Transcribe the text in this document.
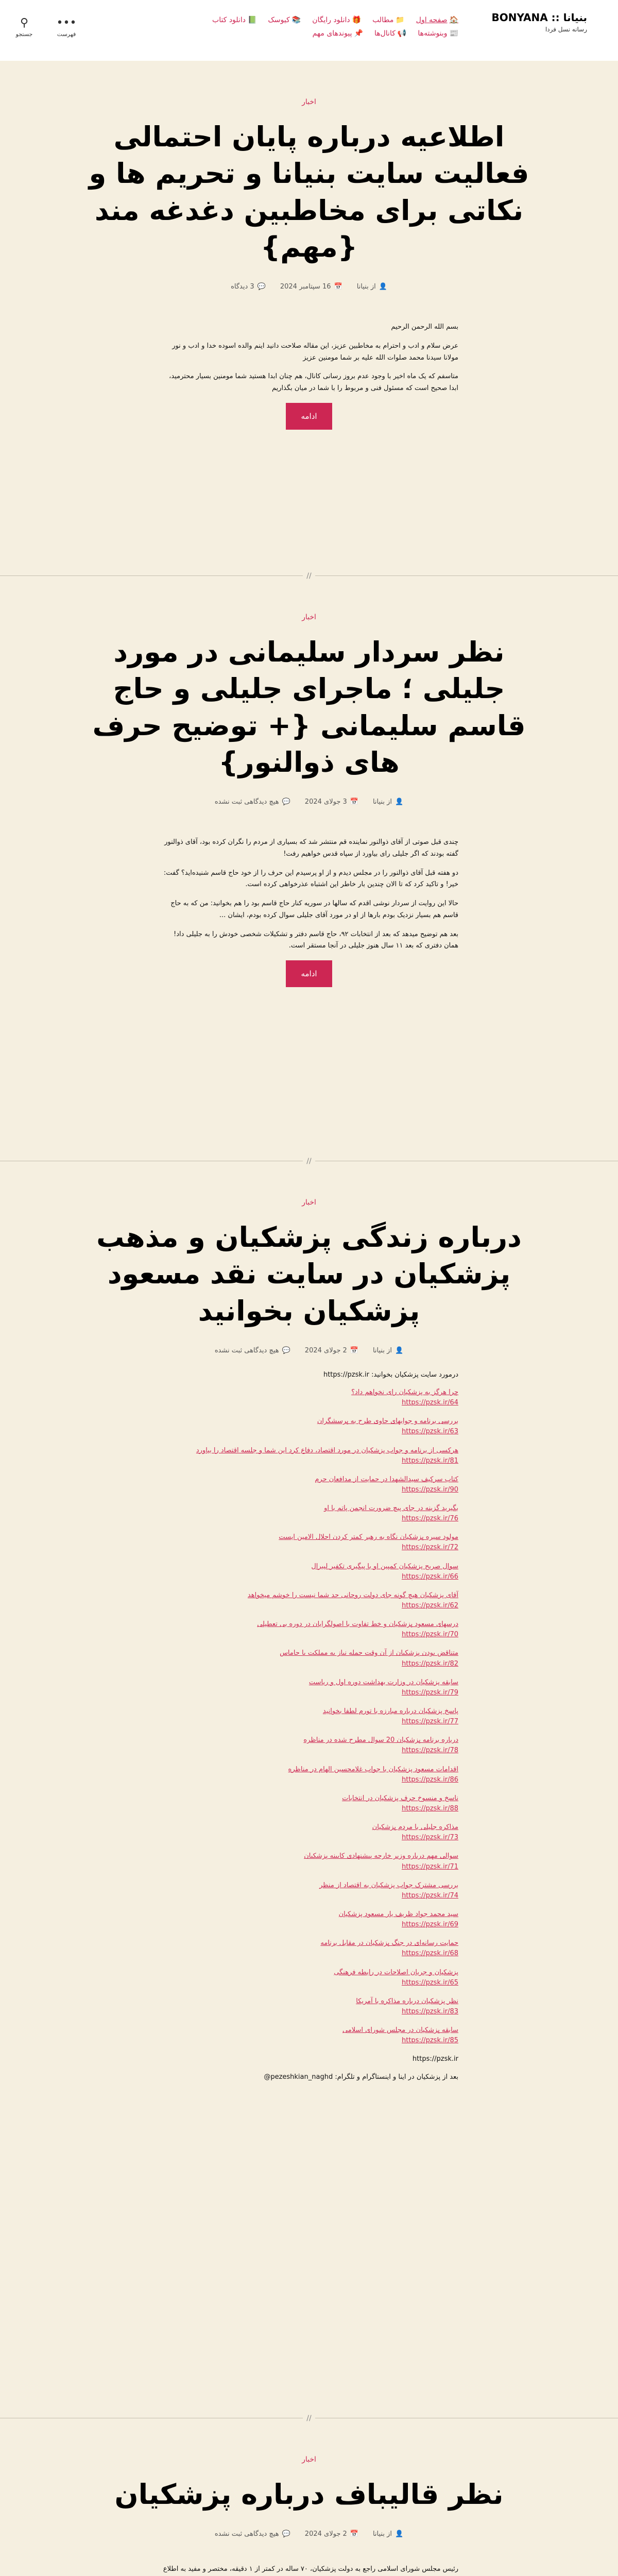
⚲
جستجو
•••
فهرست
🏠صفحه اول📁مطالب🎁دانلود رایگان📚کیوسک📗دانلود کتاب📰وبنوشته‌ها📢کانال‌ها📌پیوندهای مهم
BONYANA :: بنیانا
رسانه نسل فردا
اخبار
اطلاعیه درباره پایان احتمالی فعالیت سایت بنیانا و تحریم ها و نکاتی برای مخاطبین دغدغه مند {مهم}
👤از بنیانا
📅16 سپتامبر 2024
💬3 دیدگاه

بسم الله الرحمن الرحیم

عرض سلام و ادب و احترام به مخاطبین عزیز، این مقاله صلاحت دانید اینم والده اسوده خدا و ادب و نور مولانا سیدنا محمد صلوات الله علیه بر شما مومنین عزیز

متاسفم که یک ماه اخیر با وجود عدم بروز رسانی کانال، هم چنان ابدا هستید شما مومنین بسیار محترمید، ابدا صحیح است که مسئول فنی و مربوط را با شما در میان بگذاریم

ادامه
//
اخبار
نظر سردار سلیمانی در مورد جلیلی ؛ ماجرای جلیلی و حاج قاسم سلیمانی {+ توضیح حرف های ذوالنور}
👤از بنیانا
📅3 جولای 2024
💬هیچ دیدگاهی ثبت نشده

چندی قبل صوتی از آقای ذوالنور نماینده قم منتشر شد که بسیاری از مردم را نگران کرده بود، آقای ذوالنور گفته بودند که اگر جلیلی رای بیاورد از سپاه قدس خواهیم رفت!

دو هفته قبل آقای ذوالنور را در مجلس دیدم و از او پرسیدم این حرف را از خود حاج قاسم شنیده‌اید؟ گفت: خیر! و تاکید کرد که تا الان چندین بار خاطر این اشتباه عذرخواهی کرده است.

حالا این روایت از سردار نوشی اقدم که سالها در سوریه کنار حاج قاسم بود را هم بخوانید: من که به حاج قاسم هم بسیار نزدیک بودم بارها از او در مورد آقای جلیلی سوال کرده بودم، ایشان ...

بعد هم توضیح میدهد که بعد از انتخابات ۹۲، حاج قاسم دفتر و تشکیلات شخصی خودش را به جلیلی داد! همان دفتری که بعد ۱۱ سال هنوز جلیلی در آنجا مستقر است.

ادامه
//
اخبار
درباره زندگی پزشکیان و مذهب پزشکیان در سایت نقد مسعود پزشکیان بخوانید
👤از بنیانا
📅2 جولای 2024
💬هیچ دیدگاهی ثبت نشده
درمورد سایت پزشکیان بخوانید: https://pzsk.ir
چرا هرگز به پزشکیان رای نخواهم داد؟
https://pzsk.ir/64
بررسی برنامه و جوابهای حاوی طرح به پرسشگران
https://pzsk.ir/63
هرکسی از برنامه و جواب پزشکیان در مورد اقتصاد، دفاع کرد این شما و جلسه اقتصاد را بیاورد
https://pzsk.ir/81
کتاب سرکیف سیدالشهدا در حمایت از مدافعان حرم
https://pzsk.ir/90
بگیرید گزینه در جای پیچ ضرورت انجمن پاتم با او
https://pzsk.ir/76
مولود سیره پزشکیان نگاه به رهبر کمتر کردن احلال الامین ایست
https://pzsk.ir/72
سوال صریح پزشکیان کمپین او با پیگیری تکفیر لیبرال
https://pzsk.ir/66
آقای پزشکیان هیچ گونه جای دولت روحانی حد شما نیست را خوشم میخواهد
https://pzsk.ir/62
درسهای مسعود پزشکیان و خط تفاوت با اصولگرایان در دوره بی تعطیلی
https://pzsk.ir/70
متناقض بودن پزشکیان از آن وقت جمله نیاز یه مملکت با جاماس
https://pzsk.ir/82
سابقه پزشکیان در وزارت بهداشت دوره اول و ریاست
https://pzsk.ir/79
پاسخ پزشکیان درباره مبارزه با تورم لطفا بخوانید
https://pzsk.ir/77
درباره برنامه پزشکیان 20 سوال مطرح شده در مناظره
https://pzsk.ir/78
اقدامات مسعود پزشکیان با جواب غلامحسین الهام در مناظره
https://pzsk.ir/86
ناسخ و منسوخ حرف پزشکیان در انتخابات
https://pzsk.ir/88
مذاکره جلیلی با مردم پزشکیان
https://pzsk.ir/73
سوالی مهم درباره وزیر خارجه پیشنهادی کابینه پزشکیان
https://pzsk.ir/71
بررسی مشترک جواب پزشکیان به اقتصاد از منظر
https://pzsk.ir/74
سید محمد جواد ظریف یار مسعود پزشکیان
https://pzsk.ir/69
حمایت رسانه‌ای در جنگ پزشکیان در مقابل برنامه
https://pzsk.ir/68
پزشکیان و جریان اصلاحات در رابطه فرهنگی
https://pzsk.ir/65
نظر پزشکیان درباره مذاکره با آمریکا
https://pzsk.ir/83
سابقه پزشکیان در مجلس شورای اسلامی
https://pzsk.ir/85
https://pzsk.ir
بعد از پزشکیان در اینا و اینستاگرام و تلگرام: pezeshkian_naghd@
//
اخبار
نظر قالیباف درباره پزشکیان
👤از بنیانا
📅2 جولای 2024
💬هیچ دیدگاهی ثبت نشده

رئیس مجلس شورای اسلامی راجع به دولت پزشکیان، ۷۰ ساله در کمتر از ۱ دقیقه، مختصر و مفید به اطلاع
